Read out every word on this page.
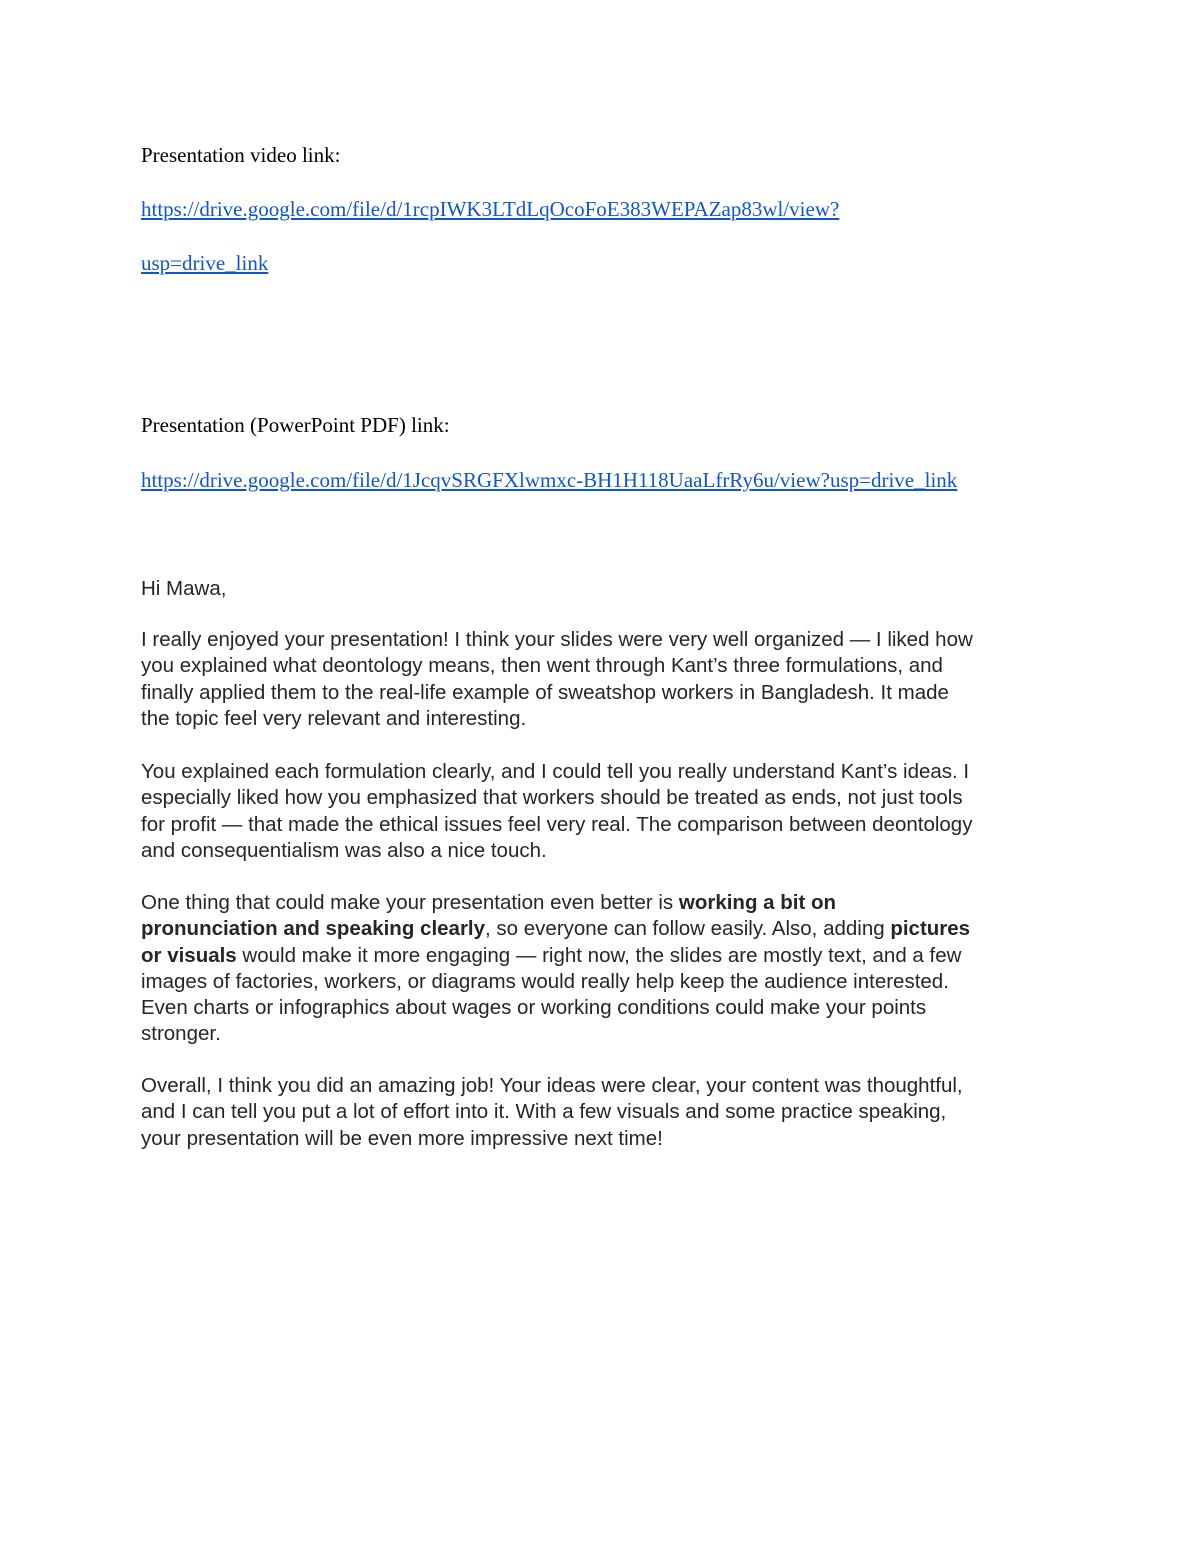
Presentation video link:
https://drive.google.com/file/d/1rcpIWK3LTdLqOcoFoE383WEPAZap83wl/view?
usp=drive_link
Presentation (PowerPoint PDF) link:
https://drive.google.com/file/d/1JcqvSRGFXlwmxc-BH1H118UaaLfrRy6u/view?usp=drive_link

Hi Mawa,

I really enjoyed your presentation! I think your slides were very well organized — I liked how
you explained what deontology means, then went through Kant’s three formulations, and
finally applied them to the real-life example of sweatshop workers in Bangladesh. It made
the topic feel very relevant and interesting.
You explained each formulation clearly, and I could tell you really understand Kant’s ideas. I
especially liked how you emphasized that workers should be treated as ends, not just tools
for profit — that made the ethical issues feel very real. The comparison between deontology
and consequentialism was also a nice touch.
One thing that could make your presentation even better is working a bit on
pronunciation and speaking clearly, so everyone can follow easily. Also, adding pictures
or visuals would make it more engaging — right now, the slides are mostly text, and a few
images of factories, workers, or diagrams would really help keep the audience interested.
Even charts or infographics about wages or working conditions could make your points
stronger.
Overall, I think you did an amazing job! Your ideas were clear, your content was thoughtful,
and I can tell you put a lot of effort into it. With a few visuals and some practice speaking,
your presentation will be even more impressive next time!
